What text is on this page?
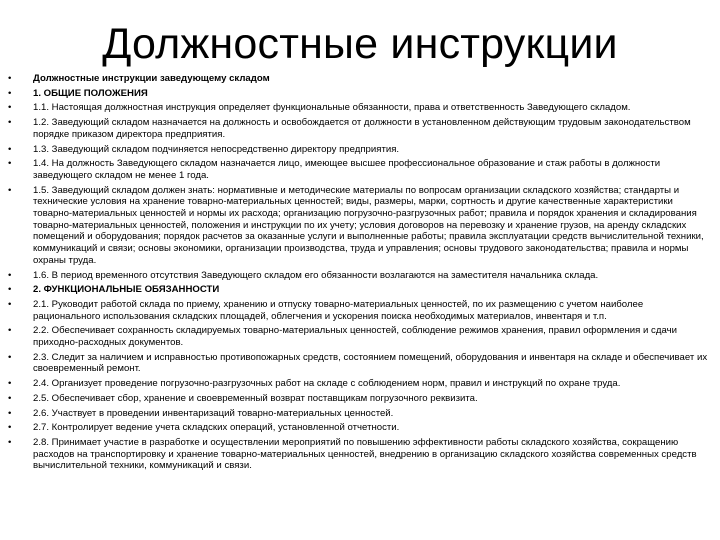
Должностные инструкции
•	Должностные инструкции заведующему складом
•	1. ОБЩИЕ ПОЛОЖЕНИЯ
•	1.1. Настоящая должностная инструкция определяет функциональные обязанности, права и ответственность Заведующего складом.
•	1.2. Заведующий складом назначается на должность и освобождается от должности в установленном действующим трудовым законодательством порядке приказом директора предприятия.
•	1.3. Заведующий складом подчиняется непосредственно директору предприятия.
•	1.4. На должность Заведующего складом назначается лицо, имеющее высшее профессиональное образование и стаж работы в должности заведующего складом не менее 1 года.
•	1.5. Заведующий складом должен знать: нормативные и методические материалы по вопросам организации складского хозяйства; стандарты и технические условия на хранение товарно-материальных ценностей; виды, размеры, марки, сортность и другие качественные характеристики товарно-материальных ценностей и нормы их расхода; организацию погрузочно-разгрузочных работ; правила и порядок хранения и складирования товарно-материальных ценностей, положения и инструкции по их учету; условия договоров на перевозку и хранение грузов, на аренду складских помещений и оборудования; порядок расчетов за оказанные услуги и выполненные работы; правила эксплуатации средств вычислительной техники, коммуникаций и связи; основы экономики, организации производства, труда и управления; основы трудового законодательства; правила и нормы охраны труда.
•	1.6. В период временного отсутствия Заведующего складом его обязанности возлагаются на заместителя начальника склада.
•	2. ФУНКЦИОНАЛЬНЫЕ ОБЯЗАННОСТИ
•	2.1. Руководит работой склада по приему, хранению и отпуску товарно-материальных ценностей, по их размещению с учетом наиболее рационального использования складских площадей, облегчения и ускорения поиска необходимых материалов, инвентаря и т.п.
•	2.2. Обеспечивает сохранность складируемых товарно-материальных ценностей, соблюдение режимов хранения, правил оформления и сдачи приходно-расходных документов.
•	2.3. Следит за наличием и исправностью противопожарных средств, состоянием помещений, оборудования и инвентаря на складе и обеспечивает их своевременный ремонт.
•	2.4. Организует проведение погрузочно-разгрузочных работ на складе с соблюдением норм, правил и инструкций по охране труда.
•	2.5. Обеспечивает сбор, хранение и своевременный возврат поставщикам погрузочного реквизита.
•	2.6. Участвует в проведении инвентаризаций товарно-материальных ценностей.
•	2.7. Контролирует ведение учета складских операций, установленной отчетности.
•	2.8. Принимает участие в разработке и осуществлении мероприятий по повышению эффективности работы складского хозяйства, сокращению расходов на транспортировку и хранение товарно-материальных ценностей, внедрению в организацию складского хозяйства современных средств вычислительной техники, коммуникаций и связи.
